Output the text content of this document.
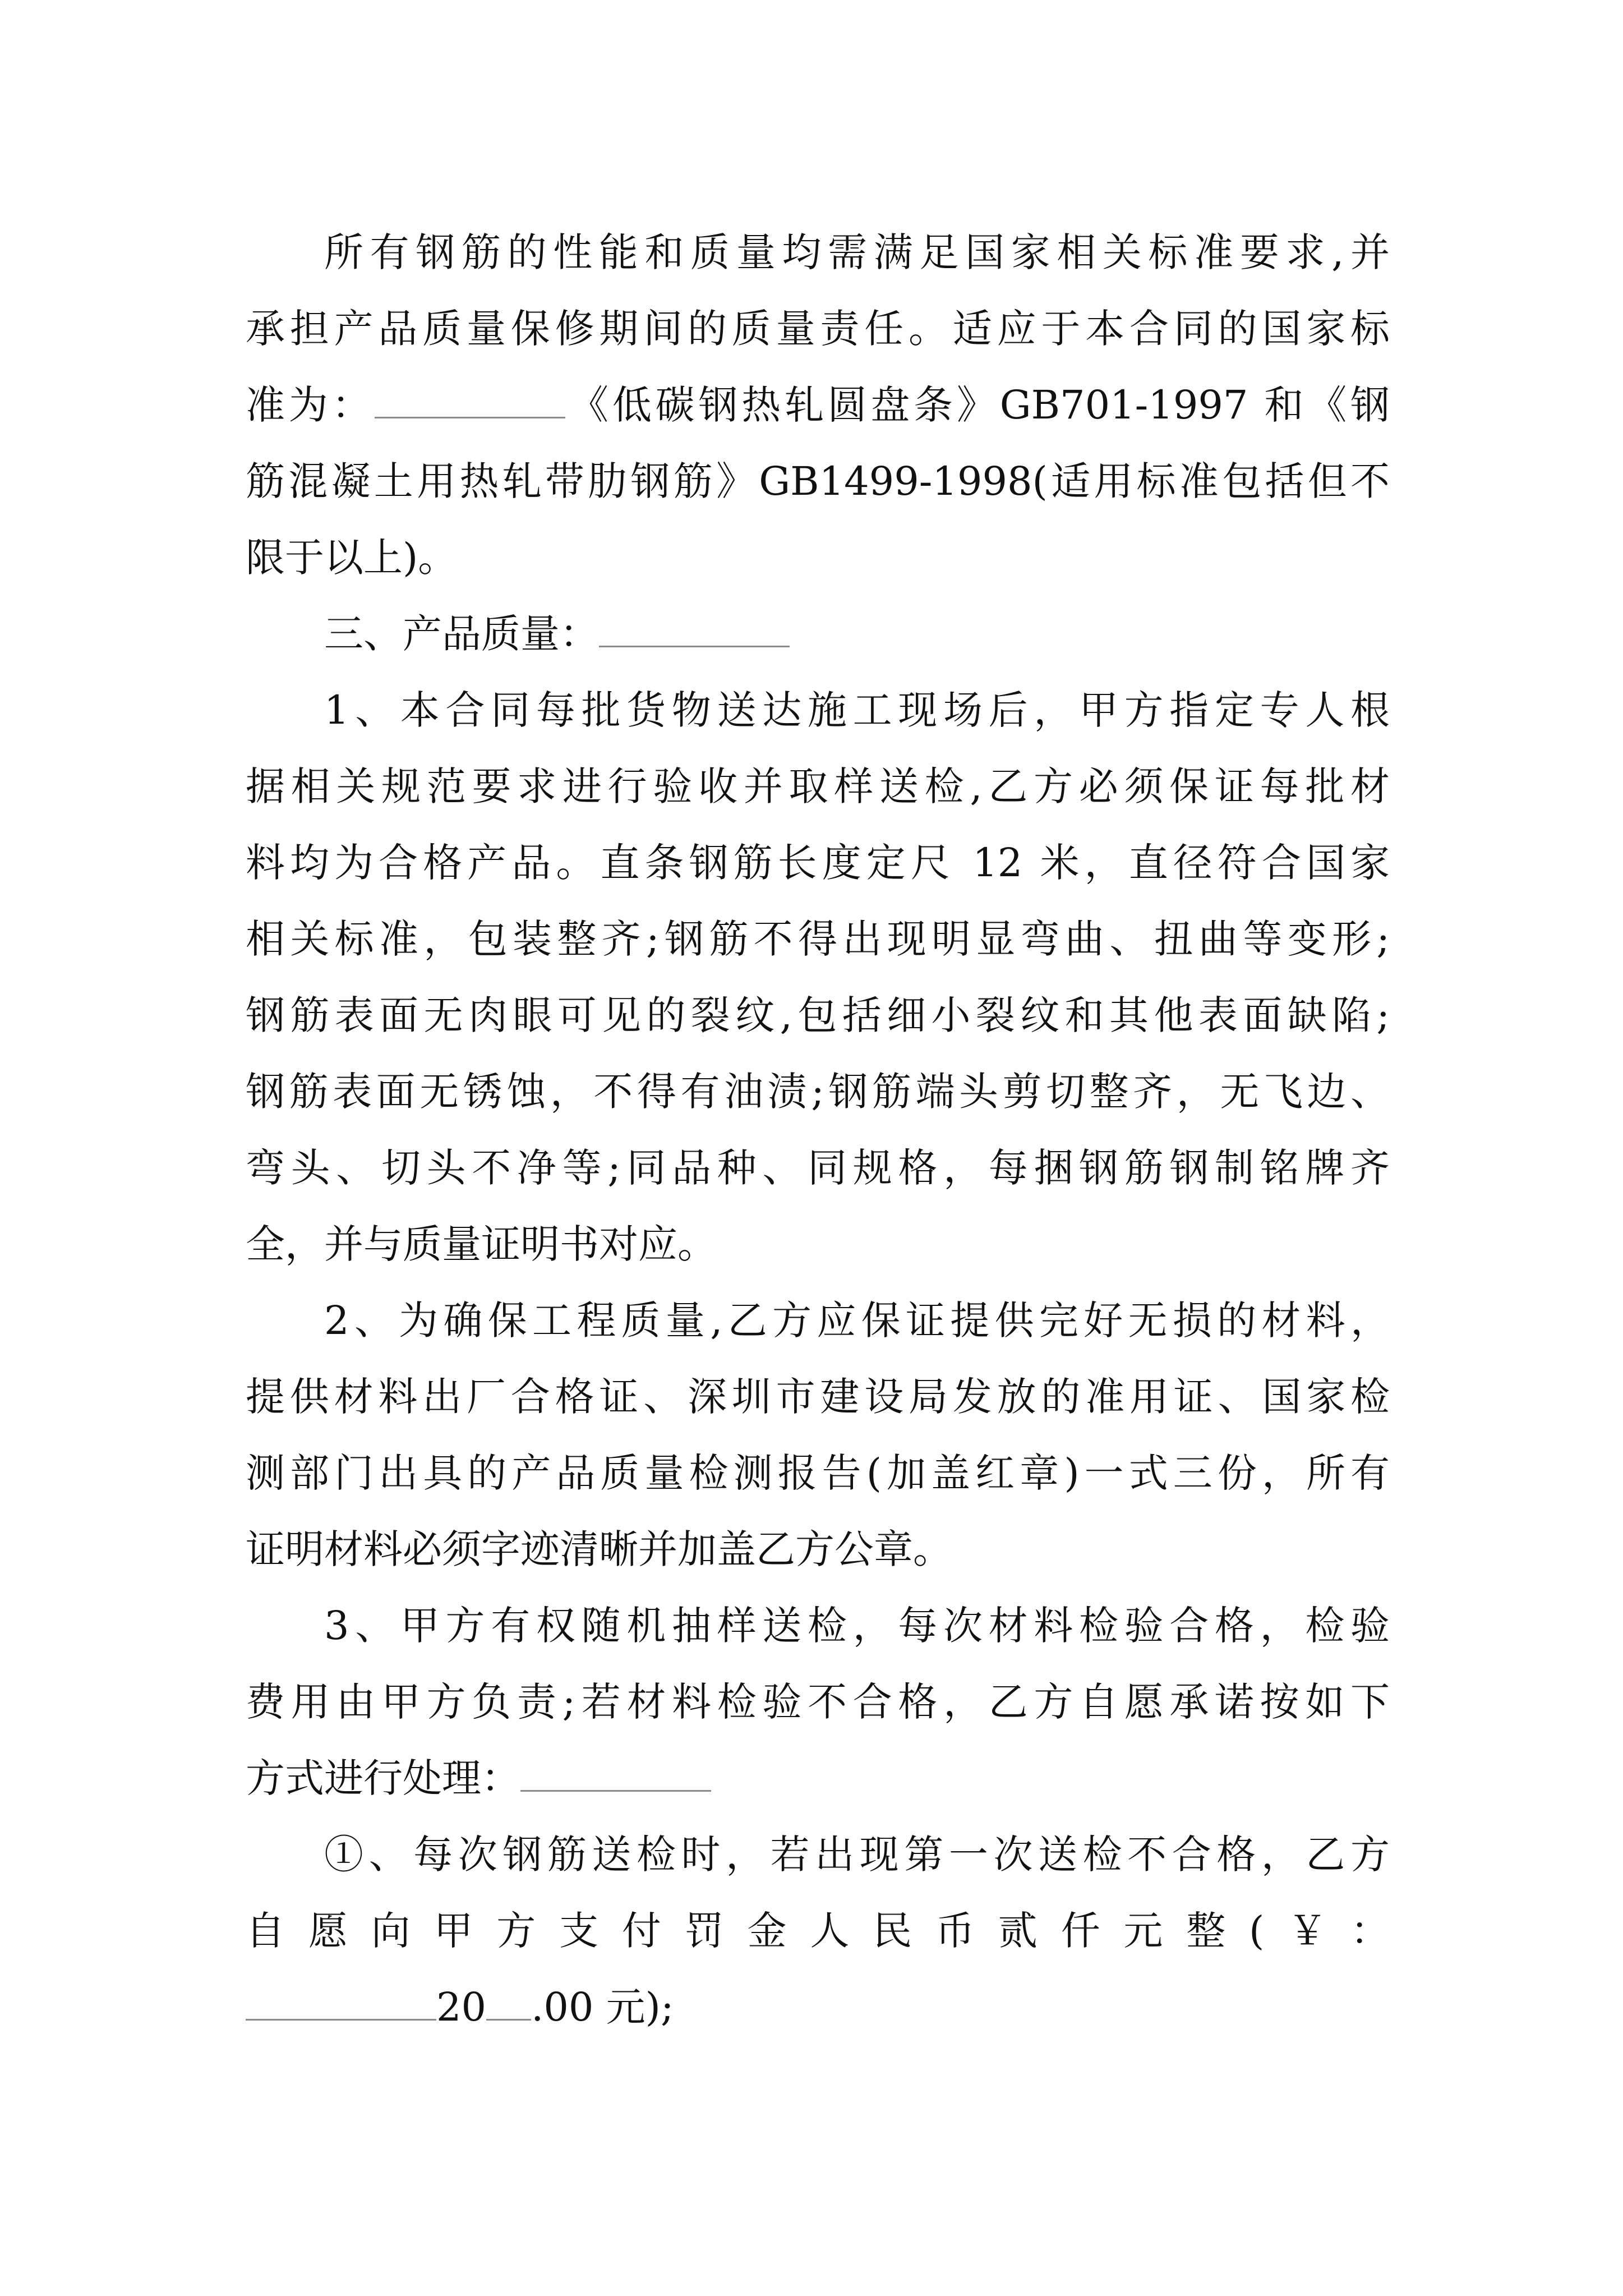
所有钢筋的性能和质量均需满足国家相关标准要求,并
承担产品质量保修期间的质量责任。适应于本合同的国家标
准为：	《低碳钢热轧圆盘条》GB701-1997 和《钢
筋混凝土用热轧带肋钢筋》GB1499-1998(适用标准包括但不
限于以上)。
三、产品质量：
1、本合同每批货物送达施工现场后，甲方指定专人根
据相关规范要求进行验收并取样送检,乙方必须保证每批材
料均为合格产品。直条钢筋长度定尺 12 米，直径符合国家
相关标准，包装整齐;钢筋不得出现明显弯曲、扭曲等变形;
钢筋表面无肉眼可见的裂纹,包括细小裂纹和其他表面缺陷;
钢筋表面无锈蚀，不得有油渍;钢筋端头剪切整齐，无飞边、
弯头、切头不净等;同品种、同规格，每捆钢筋钢制铭牌齐
全，并与质量证明书对应。
2、为确保工程质量,乙方应保证提供完好无损的材料，
提供材料出厂合格证、深圳市建设局发放的准用证、国家检
测部门出具的产品质量检测报告(加盖红章)一式三份，所有
证明材料必须字迹清晰并加盖乙方公章。
3、甲方有权随机抽样送检，每次材料检验合格，检验
费用由甲方负责;若材料检验不合格，乙方自愿承诺按如下
方式进行处理：
①、每次钢筋送检时，若出现第一次送检不合格，乙方
自愿向甲方支付罚金人民币贰仟元整(￥：
20 .00 元);
